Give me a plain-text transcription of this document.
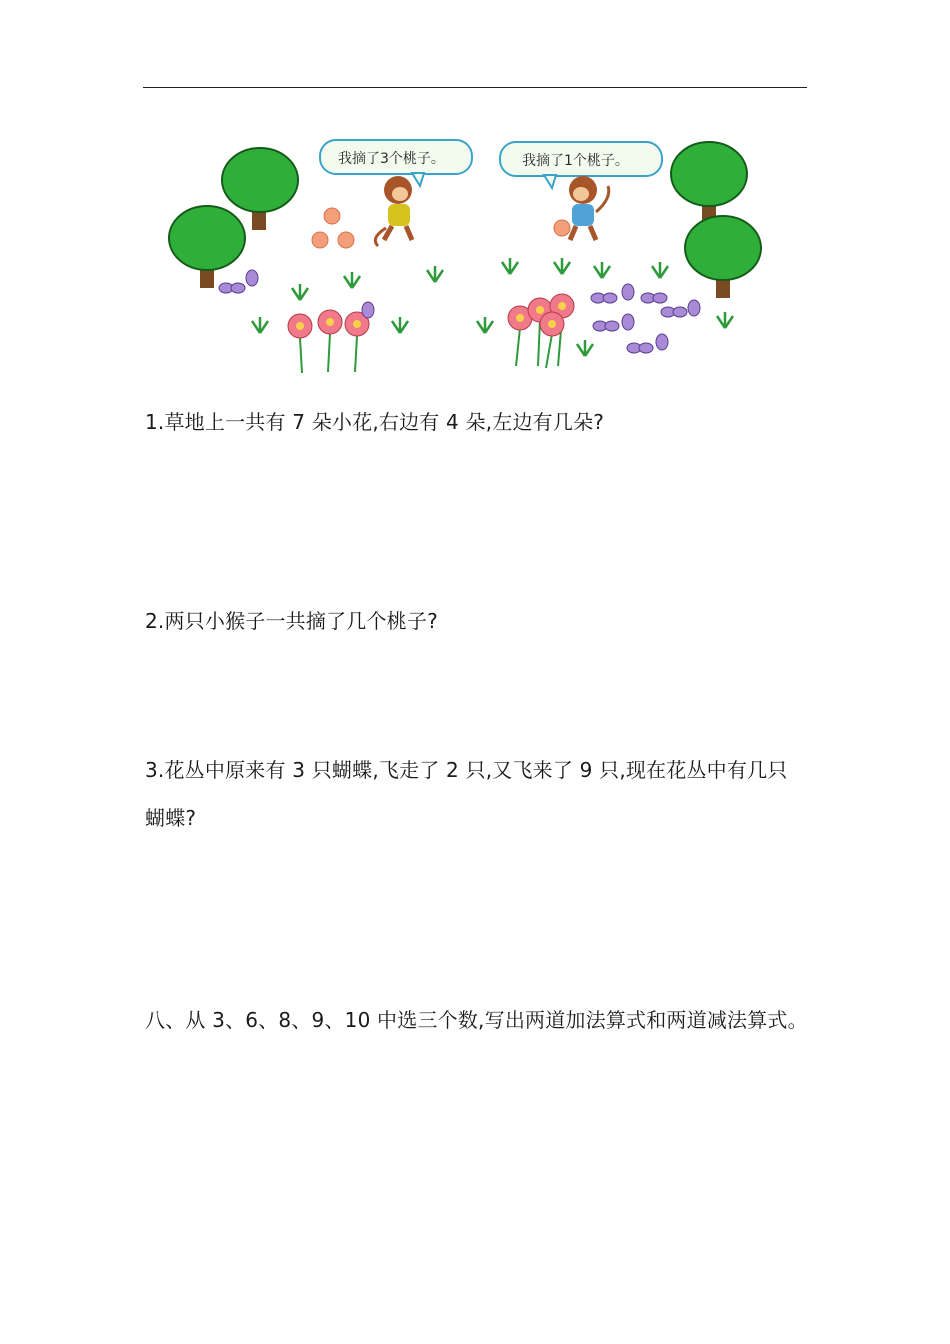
我摘了3个桃子。	我摘了1个桃子。

1.草地上一共有 7 朵小花,右边有 4 朵,左边有几朵?

2.两只小猴子一共摘了几个桃子?

3.花丛中原来有 3 只蝴蝶,飞走了 2 只,又飞来了 9 只,现在花丛中有几只蝴蝶?

八、从 3、6、8、9、10 中选三个数,写出两道加法算式和两道减法算式。
